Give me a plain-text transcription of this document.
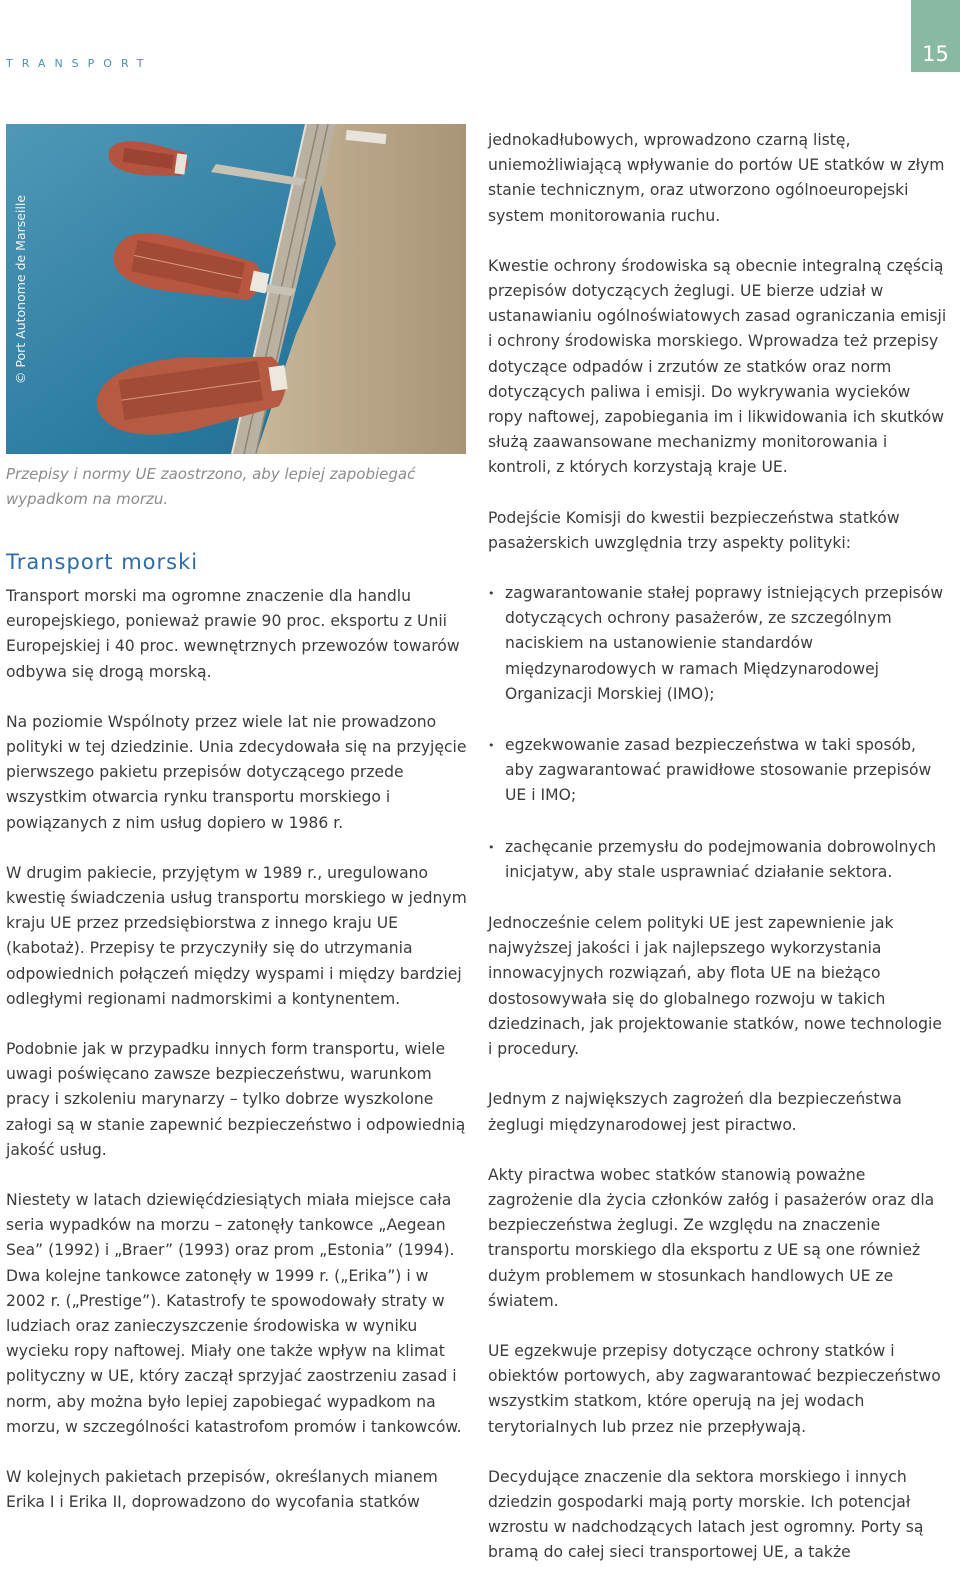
TRANSPORT	15
© Port Autonome de Marseille
Przepisy i normy UE zaostrzono, aby lepiej zapobiegać wypadkom na morzu.
Transport morski

Transport morski ma ogromne znaczenie dla handlu europejskiego, ponieważ prawie 90 proc. eksportu z Unii Europejskiej i 40 proc. wewnętrznych przewozów towarów odbywa się drogą morską.

Na poziomie Wspólnoty przez wiele lat nie prowadzono polityki w tej dziedzinie. Unia zdecydowała się na przyjęcie pierwszego pakietu przepisów dotyczącego przede wszystkim otwarcia rynku transportu morskiego i powiązanych z nim usług dopiero w 1986 r.

W drugim pakiecie, przyjętym w 1989 r., uregulowano kwestię świadczenia usług transportu morskiego w jednym kraju UE przez przedsiębiorstwa z innego kraju UE (kabotaż). Przepisy te przyczyniły się do utrzymania odpowiednich połączeń między wyspami i między bardziej odległymi regionami nadmorskimi a kontynentem.

Podobnie jak w przypadku innych form transportu, wiele uwagi poświęcano zawsze bezpieczeństwu, warunkom pracy i szkoleniu marynarzy – tylko dobrze wyszkolone załogi są w stanie zapewnić bezpieczeństwo i odpowiednią jakość usług.

Niestety w latach dziewięćdziesiątych miała miejsce cała seria wypadków na morzu – zatonęły tankowce „Aegean Sea” (1992) i „Braer” (1993) oraz prom „Estonia” (1994). Dwa kolejne tankowce zatonęły w 1999 r. („Erika”) i w 2002 r. („Prestige”). Katastrofy te spowodowały straty w ludziach oraz zanieczyszczenie środowiska w wyniku wycieku ropy naftowej. Miały one także wpływ na klimat polityczny w UE, który zaczął sprzyjać zaostrzeniu zasad i norm, aby można było lepiej zapobiegać wypadkom na morzu, w szczególności katastrofom promów i tankowców.

W kolejnych pakietach przepisów, określanych mianem Erika I i Erika II, doprowadzono do wycofania statków

jednokadłubowych, wprowadzono czarną listę, uniemożliwiającą wpływanie do portów UE statków w złym stanie technicznym, oraz utworzono ogólnoeuropejski system monitorowania ruchu.

Kwestie ochrony środowiska są obecnie integralną częścią przepisów dotyczących żeglugi. UE bierze udział w ustanawianiu ogólnoświatowych zasad ograniczania emisji i ochrony środowiska morskiego. Wprowadza też przepisy dotyczące odpadów i zrzutów ze statków oraz norm dotyczących paliwa i emisji. Do wykrywania wycieków ropy naftowej, zapobiegania im i likwidowania ich skutków służą zaawansowane mechanizmy monitorowania i kontroli, z których korzystają kraje UE.

Podejście Komisji do kwestii bezpieczeństwa statków pasażerskich uwzględnia trzy aspekty polityki:

• zagwarantowanie stałej poprawy istniejących przepisów dotyczących ochrony pasażerów, ze szczególnym naciskiem na ustanowienie standardów międzynarodowych w ramach Międzynarodowej Organizacji Morskiej (IMO);
• egzekwowanie zasad bezpieczeństwa w taki sposób, aby zagwarantować prawidłowe stosowanie przepisów UE i IMO;
• zachęcanie przemysłu do podejmowania dobrowolnych inicjatyw, aby stale usprawniać działanie sektora.

Jednocześnie celem polityki UE jest zapewnienie jak najwyższej jakości i jak najlepszego wykorzystania innowacyjnych rozwiązań, aby flota UE na bieżąco dostosowywała się do globalnego rozwoju w takich dziedzinach, jak projektowanie statków, nowe technologie i procedury.

Jednym z największych zagrożeń dla bezpieczeństwa żeglugi międzynarodowej jest piractwo.

Akty piractwa wobec statków stanowią poważne zagrożenie dla życia członków załóg i pasażerów oraz dla bezpieczeństwa żeglugi. Ze względu na znaczenie transportu morskiego dla eksportu z UE są one również dużym problemem w stosunkach handlowych UE ze światem.

UE egzekwuje przepisy dotyczące ochrony statków i obiektów portowych, aby zagwarantować bezpieczeństwo wszystkim statkom, które operują na jej wodach terytorialnych lub przez nie przepływają.

Decydujące znaczenie dla sektora morskiego i innych dziedzin gospodarki mają porty morskie. Ich potencjał wzrostu w nadchodzących latach jest ogromny. Porty są bramą do całej sieci transportowej UE, a także
